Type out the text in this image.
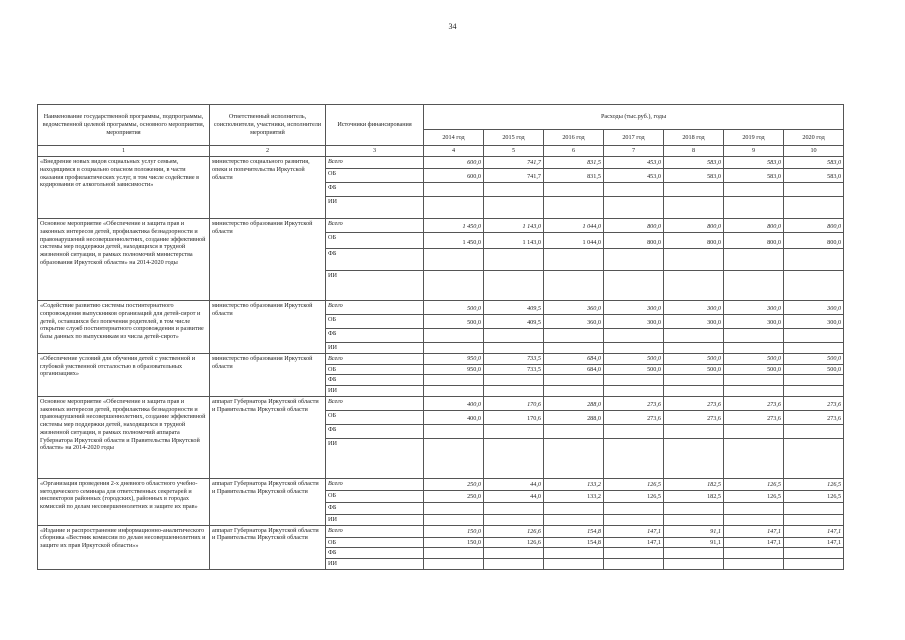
34
Наименование государственной программы, подпрограммы, ведомственной целевой программы, основного мероприятия, мероприятия	Ответственный исполнитель, соисполнители, участники, исполнители мероприятий	Источники финансирования	Расходы (тыс.руб.), годы						
			2014 год	2015 год	2016 год	2017 год	2018 год	2019 год	2020 год
1	2	3	4	5	6	7	8	9	10
«Внедрение новых видов социальных услуг семьям, находящимся в социально опасном положении, в части оказания профилактических услуг, в том числе содействие в кодировании от алкогольной зависимости»	министерство социального развития, опеки и попечительства Иркутской области	Всего	600,0	741,7	831,5	453,0	583,0	583,0	583,0
		ОБ	600,0	741,7	831,5	453,0	583,0	583,0	583,0
		ФБ							
		ИИ							
Основное мероприятие «Обеспечение и защита прав и законных интересов детей, профилактика безнадзорности и правонарушений несовершеннолетних, создание эффективной системы мер поддержки детей, находящихся в трудной жизненной ситуации, в рамках полномочий министерства образования Иркутской области» на 2014-2020 годы	министерство образования Иркутской области	Всего	1 450,0	1 143,0	1 044,0	800,0	800,0	800,0	800,0
		ОБ	1 450,0	1 143,0	1 044,0	800,0	800,0	800,0	800,0
		ФБ							
		ИИ							
«Содействие развитию системы постинтернатного сопровождения выпускников организаций для детей-сирот и детей, оставшихся без попечения родителей, в том числе открытие служб постинтернатного сопровождения и развитие базы данных по выпускникам из числа детей-сирот»	министерство образования Иркутской области	Всего	500,0	409,5	360,0	300,0	300,0	300,0	300,0
		ОБ	500,0	409,5	360,0	300,0	300,0	300,0	300,0
		ФБ							
		ИИ							
«Обеспечение условий для обучения детей с умственной и глубокой умственной отсталостью в образовательных организациях»	министерство образования Иркутской области	Всего	950,0	733,5	684,0	500,0	500,0	500,0	500,0
		ОБ	950,0	733,5	684,0	500,0	500,0	500,0	500,0
		ФБ							
		ИИ							
Основное мероприятие «Обеспечение и защита прав и законных интересов детей, профилактика безнадзорности и правонарушений несовершеннолетних, создание эффективной системы мер поддержки детей, находящихся в трудной жизненной ситуации, в рамках полномочий аппарата Губернатора Иркутской области и Правительства Иркутской области» на 2014-2020 годы	аппарат Губернатора Иркутской области и Правительства Иркутской области	Всего	400,0	170,6	288,0	273,6	273,6	273,6	273,6
		ОБ	400,0	170,6	288,0	273,6	273,6	273,6	273,6
		ФБ							
		ИИ							
«Организация проведения 2-х дневного областного учебно-методического семинара для ответственных секретарей и инспекторов районных (городских), районных в городах комиссий по делам несовершеннолетних и защите их прав»	аппарат Губернатора Иркутской области и Правительства Иркутской области	Всего	250,0	44,0	133,2	126,5	182,5	126,5	126,5
		ОБ	250,0	44,0	133,2	126,5	182,5	126,5	126,5
		ФБ							
		ИИ							
«Издание и распространение информационно-аналитического сборника «Вестник комиссии по делам несовершеннолетних и защите их прав Иркутской области»»	аппарат Губернатора Иркутской области и Правительства Иркутской области	Всего	150,0	126,6	154,8	147,1	91,1	147,1	147,1
		ОБ	150,0	126,6	154,8	147,1	91,1	147,1	147,1
		ФБ							
		ИИ							
